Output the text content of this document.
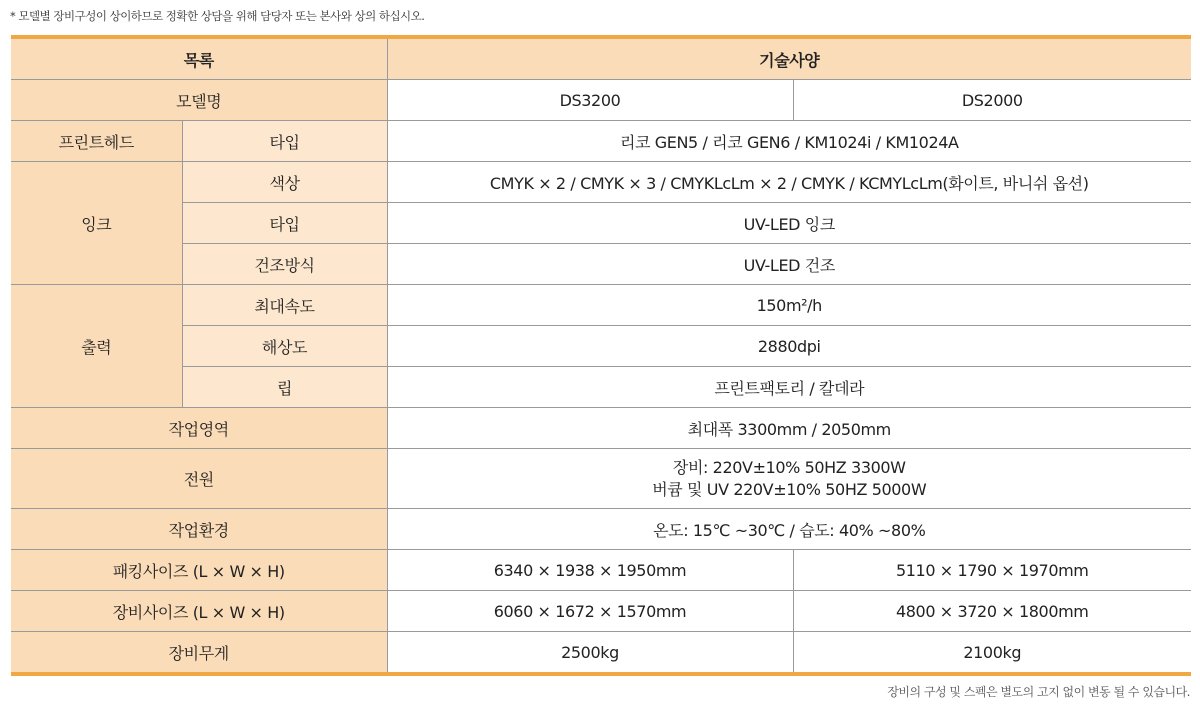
* 모델별 장비구성이 상이하므로 정확한 상담을 위해 담당자 또는 본사와 상의 하십시오.
목록		기술사양	
모델명		DS3200	DS2000
프린트헤드	타입	리코 GEN5 / 리코 GEN6 / KM1024i / KM1024A	
잉크	색상	CMYK × 2 / CMYK × 3 / CMYKLcLm × 2 / CMYK / KCMYLcLm(화이트, 바니쉬 옵션)	
	타입	UV-LED 잉크	
	건조방식	UV-LED 건조	
출력	최대속도	150m²/h	
	해상도	2880dpi	
	립	프린트팩토리 / 칼데라	
작업영역		최대폭 3300mm / 2050mm	
전원		장비: 220V±10% 50HZ 3300W
버큠 및 UV 220V±10% 50HZ 5000W	

작업환경		온도: 15℃ ~30℃ / 습도: 40% ~80%	
패킹사이즈 (L × W × H)		6340 × 1938 × 1950mm	5110 × 1790 × 1970mm
장비사이즈 (L × W × H)		6060 × 1672 × 1570mm	4800 × 3720 × 1800mm
장비무게		2500kg	2100kg
장비의 구성 및 스펙은 별도의 고지 없이 변동 될 수 있습니다.
